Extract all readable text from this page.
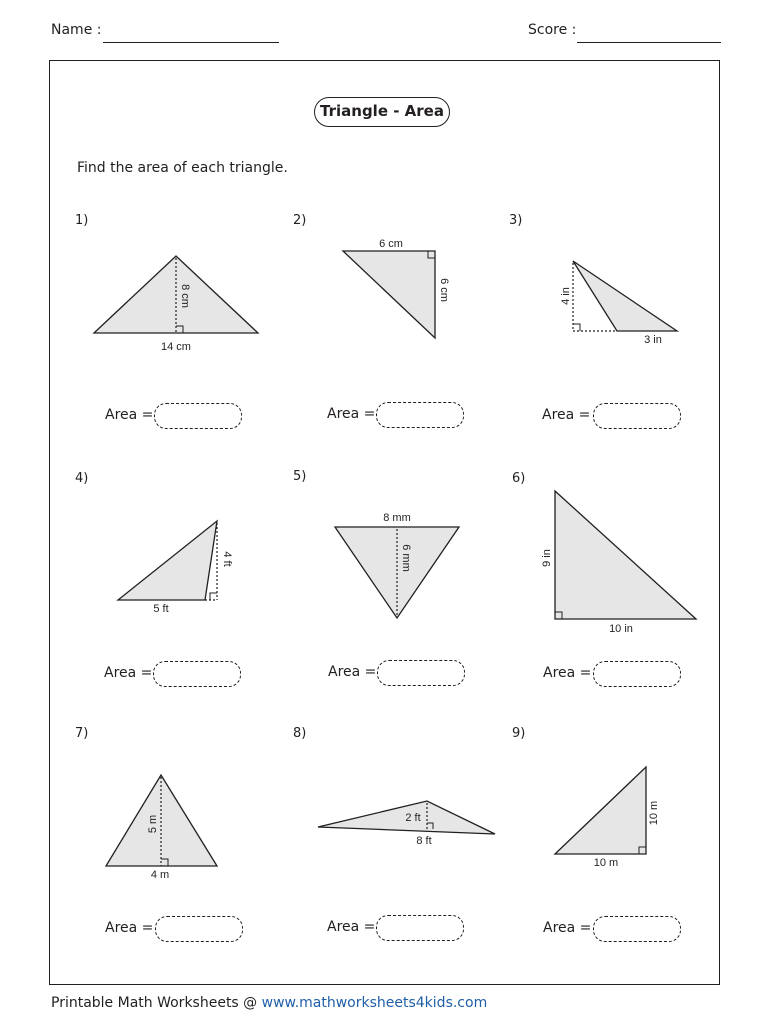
Name :	Score :
Triangle - Area
Find the area of each triangle.
1)	2)	3)
4)	5)	6)
7)	8)	9)
8 cm
14 cm
6 cm
6 cm	4 in
3 in
4 ft
5 ft
8 mm
6 mm	9 in
10 in
5 m
4 m
2 ft
8 ft
10 m
10 m
Area =	Area =	Area =
Area =	Area =	Area =
Area =	Area =	Area =
Printable Math Worksheets @ www.mathworksheets4kids.com
